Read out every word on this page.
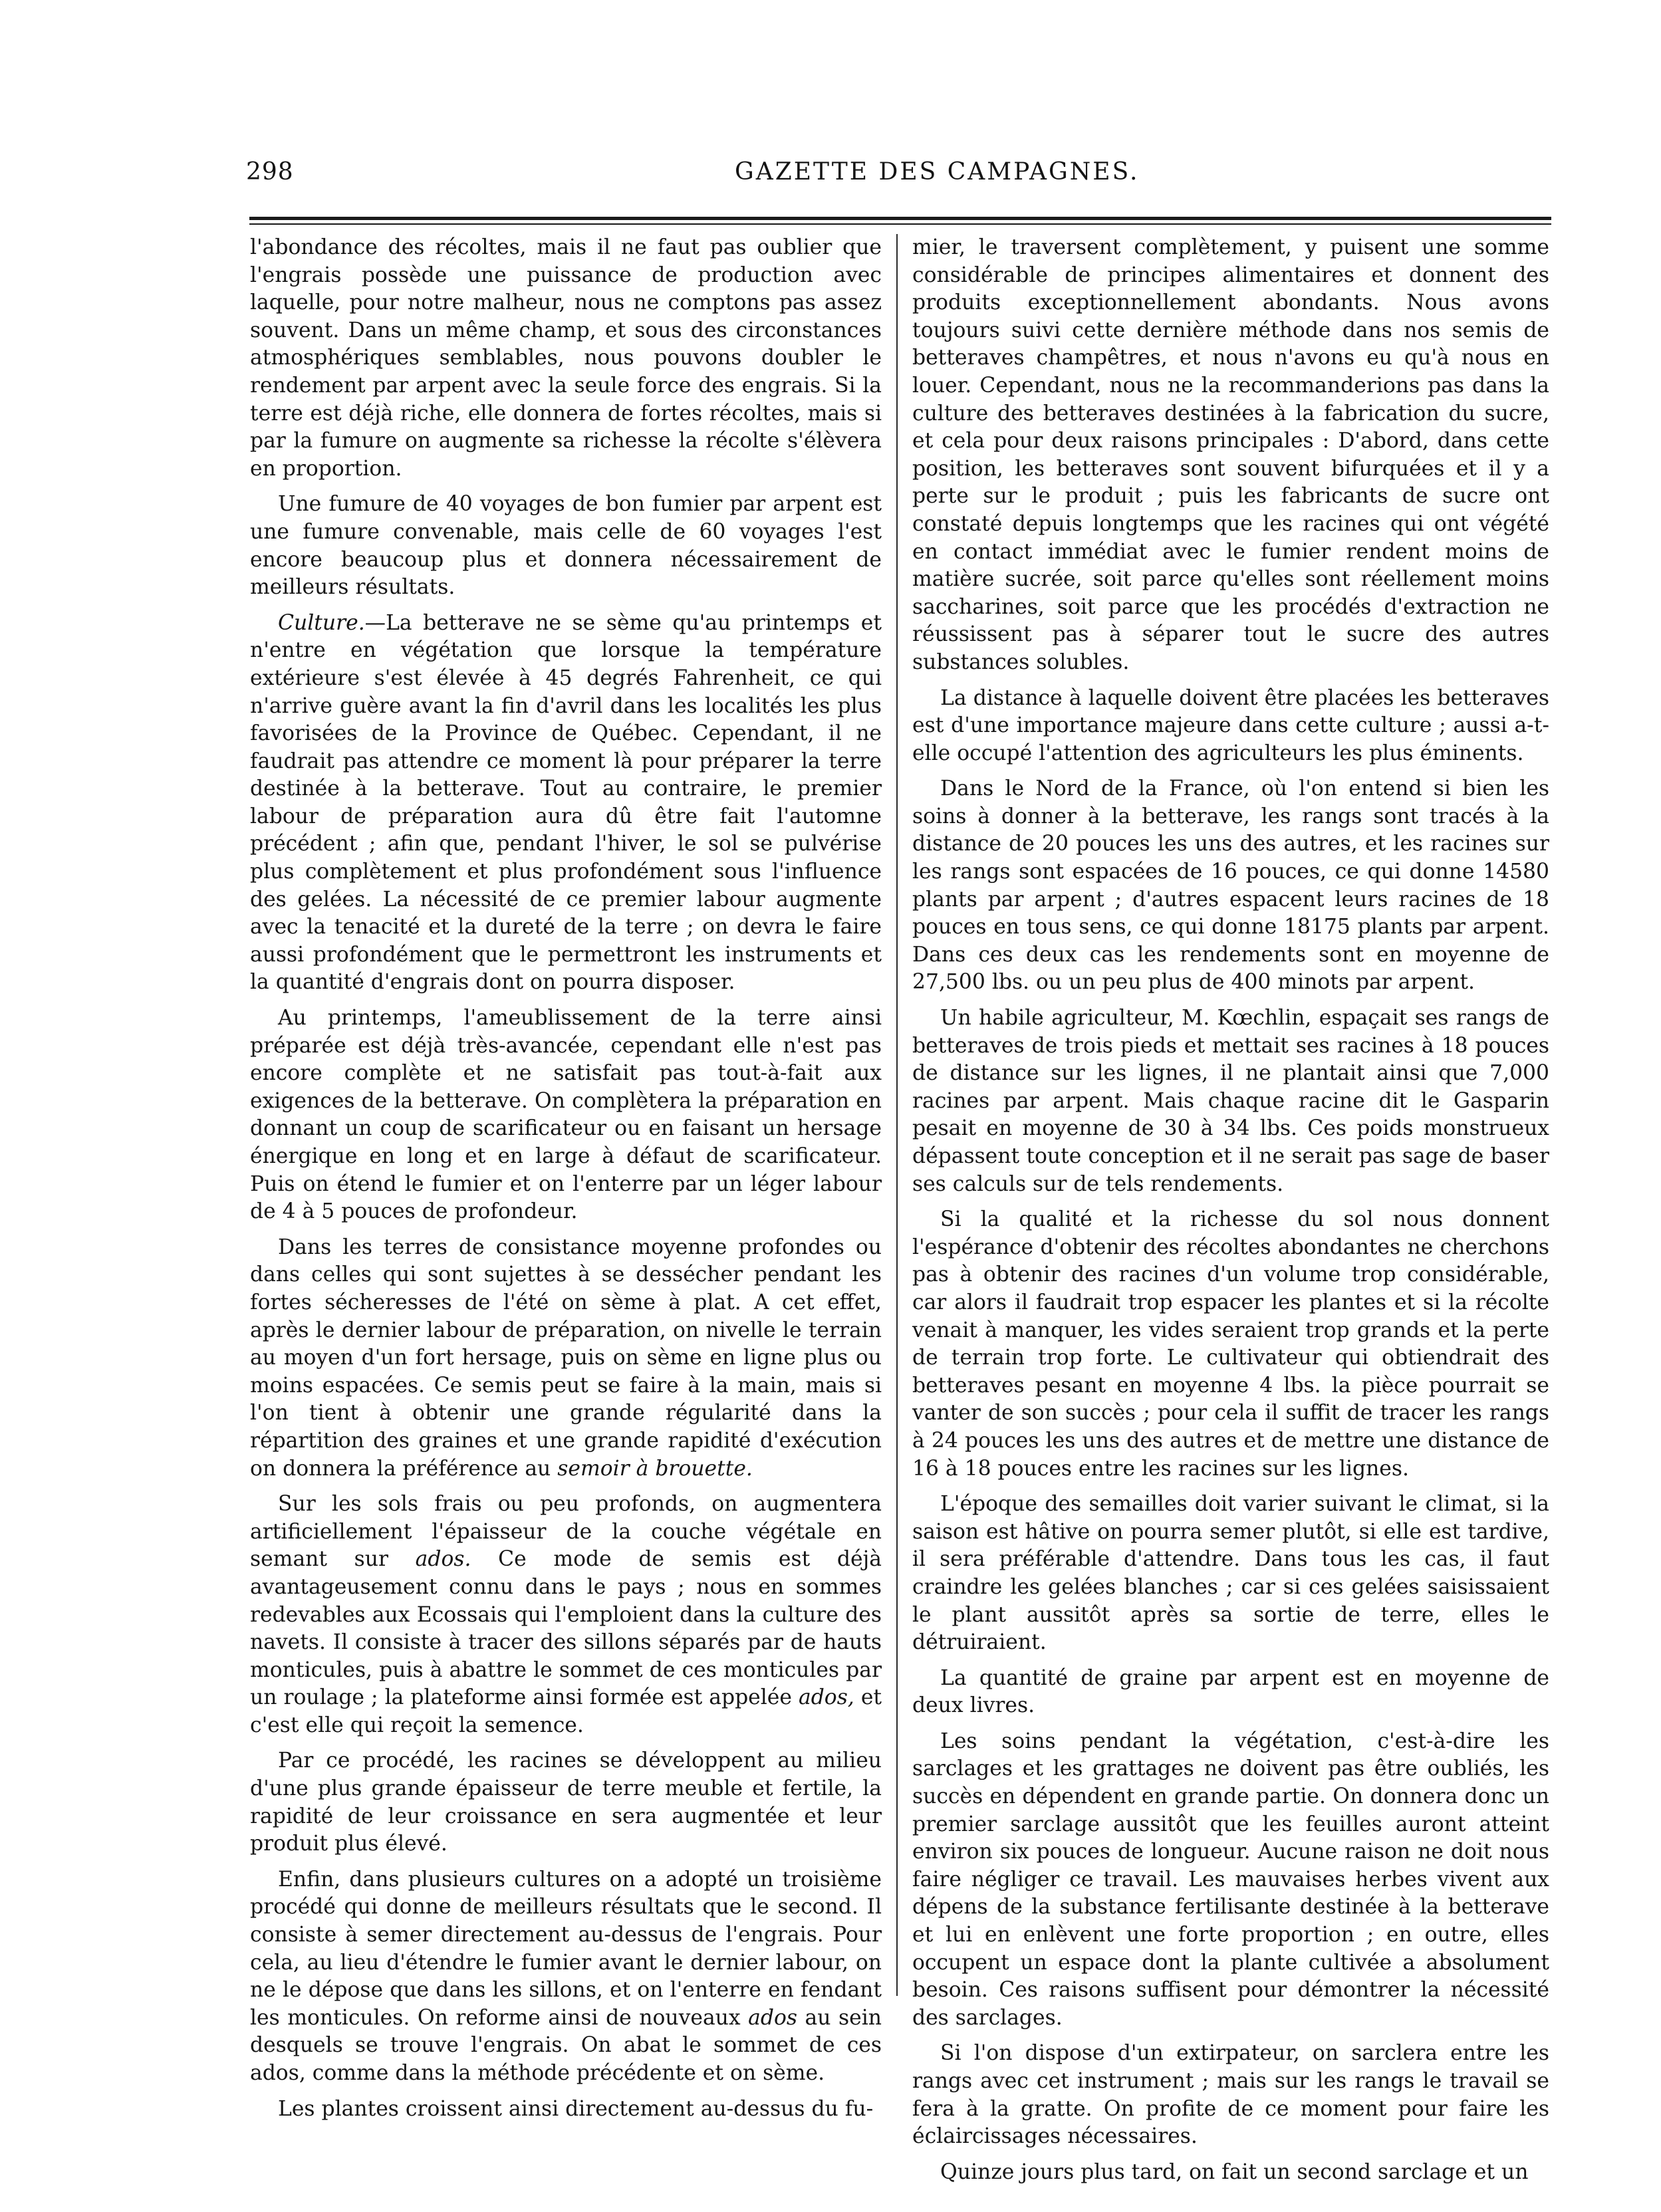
298	GAZETTE DES CAMPAGNES.

l'abondance des récoltes, mais il ne faut pas oublier que l'engrais possède une puissance de production avec laquelle, pour notre malheur, nous ne comptons pas assez souvent. Dans un même champ, et sous des circonstances atmosphériques semblables, nous pouvons doubler le rendement par arpent avec la seule force des engrais. Si la terre est déjà riche, elle donnera de fortes récoltes, mais si par la fumure on augmente sa richesse la récolte s'élèvera en proportion.

Une fumure de 40 voyages de bon fumier par arpent est une fumure convenable, mais celle de 60 voyages l'est encore beaucoup plus et donnera nécessairement de meilleurs résultats.

Culture.—La betterave ne se sème qu'au printemps et n'entre en végétation que lorsque la température extérieure s'est élevée à 45 degrés Fahrenheit, ce qui n'arrive guère avant la fin d'avril dans les localités les plus favorisées de la Province de Québec. Cependant, il ne faudrait pas attendre ce moment là pour préparer la terre destinée à la betterave. Tout au contraire, le premier labour de préparation aura dû être fait l'automne précédent ; afin que, pendant l'hiver, le sol se pulvérise plus complètement et plus profondément sous l'influence des gelées. La nécessité de ce premier labour augmente avec la tenacité et la dureté de la terre ; on devra le faire aussi profondément que le permettront les instruments et la quantité d'engrais dont on pourra disposer.

Au printemps, l'ameublissement de la terre ainsi préparée est déjà très-avancée, cependant elle n'est pas encore complète et ne satisfait pas tout-à-fait aux exigences de la betterave. On complètera la préparation en donnant un coup de scarificateur ou en faisant un hersage énergique en long et en large à défaut de scarificateur. Puis on étend le fumier et on l'enterre par un léger labour de 4 à 5 pouces de profondeur.

Dans les terres de consistance moyenne profondes ou dans celles qui sont sujettes à se dessécher pendant les fortes sécheresses de l'été on sème à plat. A cet effet, après le dernier labour de préparation, on nivelle le terrain au moyen d'un fort hersage, puis on sème en ligne plus ou moins espacées. Ce semis peut se faire à la main, mais si l'on tient à obtenir une grande régularité dans la répartition des graines et une grande rapidité d'exécution on donnera la préférence au semoir à brouette.

Sur les sols frais ou peu profonds, on augmentera artificiellement l'épaisseur de la couche végétale en semant sur ados. Ce mode de semis est déjà avantageusement connu dans le pays ; nous en sommes redevables aux Ecossais qui l'emploient dans la culture des navets. Il consiste à tracer des sillons séparés par de hauts monticules, puis à abattre le sommet de ces monticules par un roulage ; la plateforme ainsi formée est appelée ados, et c'est elle qui reçoit la semence.

Par ce procédé, les racines se développent au milieu d'une plus grande épaisseur de terre meuble et fertile, la rapidité de leur croissance en sera augmentée et leur produit plus élevé.

Enfin, dans plusieurs cultures on a adopté un troisième procédé qui donne de meilleurs résultats que le second. Il consiste à semer directement au-dessus de l'engrais. Pour cela, au lieu d'étendre le fumier avant le dernier labour, on ne le dépose que dans les sillons, et on l'enterre en fendant les monticules. On reforme ainsi de nouveaux ados au sein desquels se trouve l'engrais. On abat le sommet de ces ados, comme dans la méthode précédente et on sème.

Les plantes croissent ainsi directement au-dessus du fu-

mier, le traversent complètement, y puisent une somme considérable de principes alimentaires et donnent des produits exceptionnellement abondants. Nous avons toujours suivi cette dernière méthode dans nos semis de betteraves champêtres, et nous n'avons eu qu'à nous en louer. Cependant, nous ne la recommanderions pas dans la culture des betteraves destinées à la fabrication du sucre, et cela pour deux raisons principales : D'abord, dans cette position, les betteraves sont souvent bifurquées et il y a perte sur le produit ; puis les fabricants de sucre ont constaté depuis longtemps que les racines qui ont végété en contact immédiat avec le fumier rendent moins de matière sucrée, soit parce qu'elles sont réellement moins saccharines, soit parce que les procédés d'extraction ne réussissent pas à séparer tout le sucre des autres substances solubles.

La distance à laquelle doivent être placées les betteraves est d'une importance majeure dans cette culture ; aussi a-t-elle occupé l'attention des agriculteurs les plus éminents.

Dans le Nord de la France, où l'on entend si bien les soins à donner à la betterave, les rangs sont tracés à la distance de 20 pouces les uns des autres, et les racines sur les rangs sont espacées de 16 pouces, ce qui donne 14580 plants par arpent ; d'autres espacent leurs racines de 18 pouces en tous sens, ce qui donne 18175 plants par arpent. Dans ces deux cas les rendements sont en moyenne de 27,500 lbs. ou un peu plus de 400 minots par arpent.

Un habile agriculteur, M. Kœchlin, espaçait ses rangs de betteraves de trois pieds et mettait ses racines à 18 pouces de distance sur les lignes, il ne plantait ainsi que 7,000 racines par arpent. Mais chaque racine dit le Gasparin pesait en moyenne de 30 à 34 lbs. Ces poids monstrueux dépassent toute conception et il ne serait pas sage de baser ses calculs sur de tels rendements.

Si la qualité et la richesse du sol nous donnent l'espérance d'obtenir des récoltes abondantes ne cherchons pas à obtenir des racines d'un volume trop considérable, car alors il faudrait trop espacer les plantes et si la récolte venait à manquer, les vides seraient trop grands et la perte de terrain trop forte. Le cultivateur qui obtiendrait des betteraves pesant en moyenne 4 lbs. la pièce pourrait se vanter de son succès ; pour cela il suffit de tracer les rangs à 24 pouces les uns des autres et de mettre une distance de 16 à 18 pouces entre les racines sur les lignes.

L'époque des semailles doit varier suivant le climat, si la saison est hâtive on pourra semer plutôt, si elle est tardive, il sera préférable d'attendre. Dans tous les cas, il faut craindre les gelées blanches ; car si ces gelées saisissaient le plant aussitôt après sa sortie de terre, elles le détruiraient.

La quantité de graine par arpent est en moyenne de deux livres.

Les soins pendant la végétation, c'est-à-dire les sarclages et les grattages ne doivent pas être oubliés, les succès en dépendent en grande partie. On donnera donc un premier sarclage aussitôt que les feuilles auront atteint environ six pouces de longueur. Aucune raison ne doit nous faire négliger ce travail. Les mauvaises herbes vivent aux dépens de la substance fertilisante destinée à la betterave et lui en enlèvent une forte proportion ; en outre, elles occupent un espace dont la plante cultivée a absolument besoin. Ces raisons suffisent pour démontrer la nécessité des sarclages.

Si l'on dispose d'un extirpateur, on sarclera entre les rangs avec cet instrument ; mais sur les rangs le travail se fera à la gratte. On profite de ce moment pour faire les éclaircissages nécessaires.

Quinze jours plus tard, on fait un second sarclage et un
